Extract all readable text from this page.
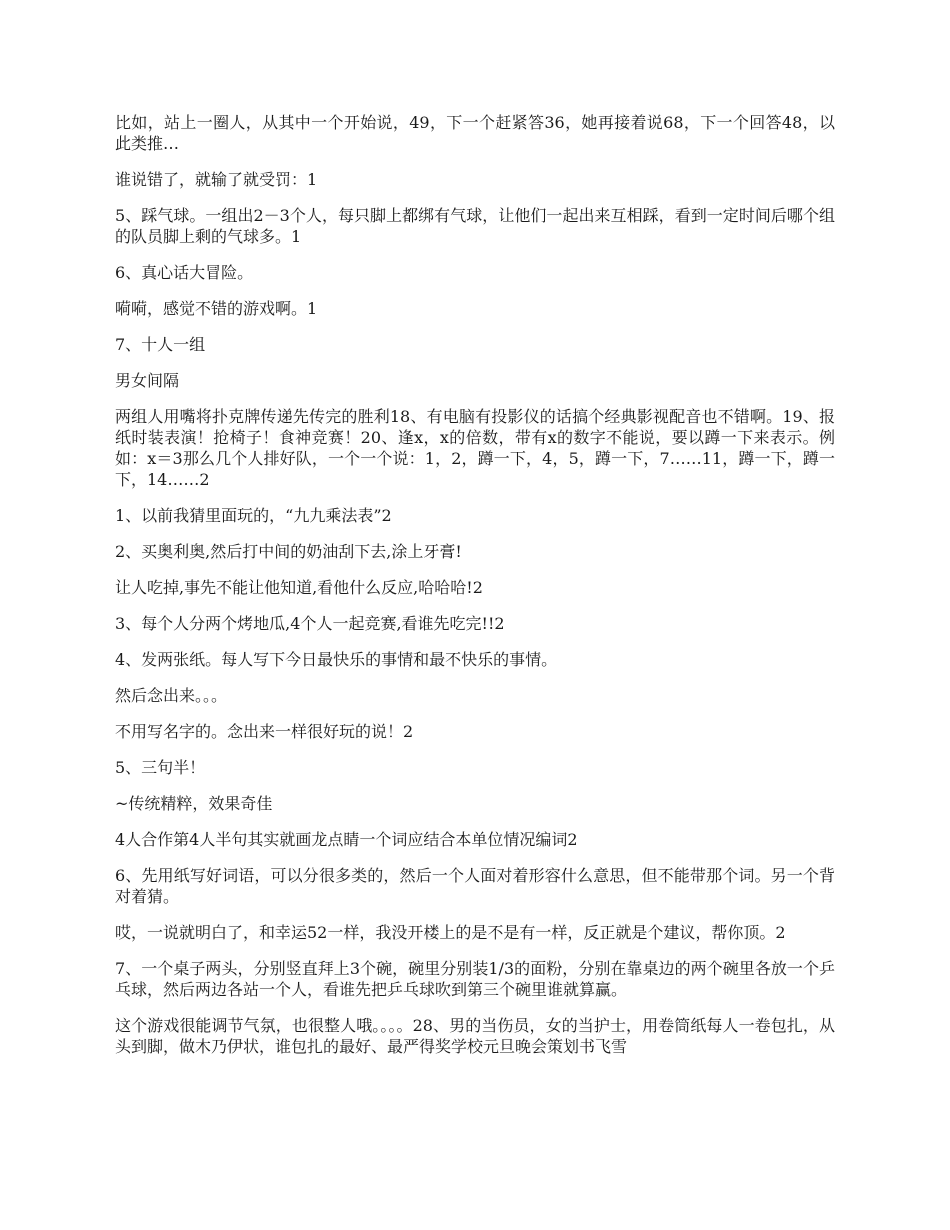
比如，站上一圈人，从其中一个开始说，49，下一个赶紧答36，她再接着说68，下一个回答48，以此类推…

谁说错了，就输了就受罚：1

5、踩气球。一组出2－3个人，每只脚上都绑有气球，让他们一起出来互相踩，看到一定时间后哪个组的队员脚上剩的气球多。1

6、真心话大冒险。

嗬嗬，感觉不错的游戏啊。1

7、十人一组

男女间隔

两组人用嘴将扑克牌传递先传完的胜利18、有电脑有投影仪的话搞个经典影视配音也不错啊。19、报纸时装表演！抢椅子！食神竞赛！20、逢x，x的倍数，带有x的数字不能说，要以蹲一下来表示。例如：x＝3那么几个人排好队，一个一个说：1，2，蹲一下，4，5，蹲一下，7……11，蹲一下，蹲一下，14……2

1、以前我猜里面玩的，“九九乘法表”2

2、买奥利奥,然后打中间的奶油刮下去,涂上牙膏!

让人吃掉,事先不能让他知道,看他什么反应,哈哈哈!2

3、每个人分两个烤地瓜,4个人一起竞赛,看谁先吃完!!2

4、发两张纸。每人写下今日最快乐的事情和最不快乐的事情。

然后念出来。。。

不用写名字的。念出来一样很好玩的说！2

5、三句半！

~传统精粹，效果奇佳

4人合作第4人半句其实就画龙点睛一个词应结合本单位情况编词2

6、先用纸写好词语，可以分很多类的，然后一个人面对着形容什么意思，但不能带那个词。另一个背对着猜。

哎，一说就明白了，和幸运52一样，我没开楼上的是不是有一样，反正就是个建议，帮你顶。2

7、一个桌子两头，分别竖直拜上3个碗，碗里分别装1/3的面粉，分别在靠桌边的两个碗里各放一个乒乓球，然后两边各站一个人，看谁先把乒乓球吹到第三个碗里谁就算赢。

这个游戏很能调节气氛，也很整人哦。。。。28、男的当伤员，女的当护士，用卷筒纸每人一卷包扎，从头到脚，做木乃伊状，谁包扎的最好、最严得奖学校元旦晚会策划书飞雪
